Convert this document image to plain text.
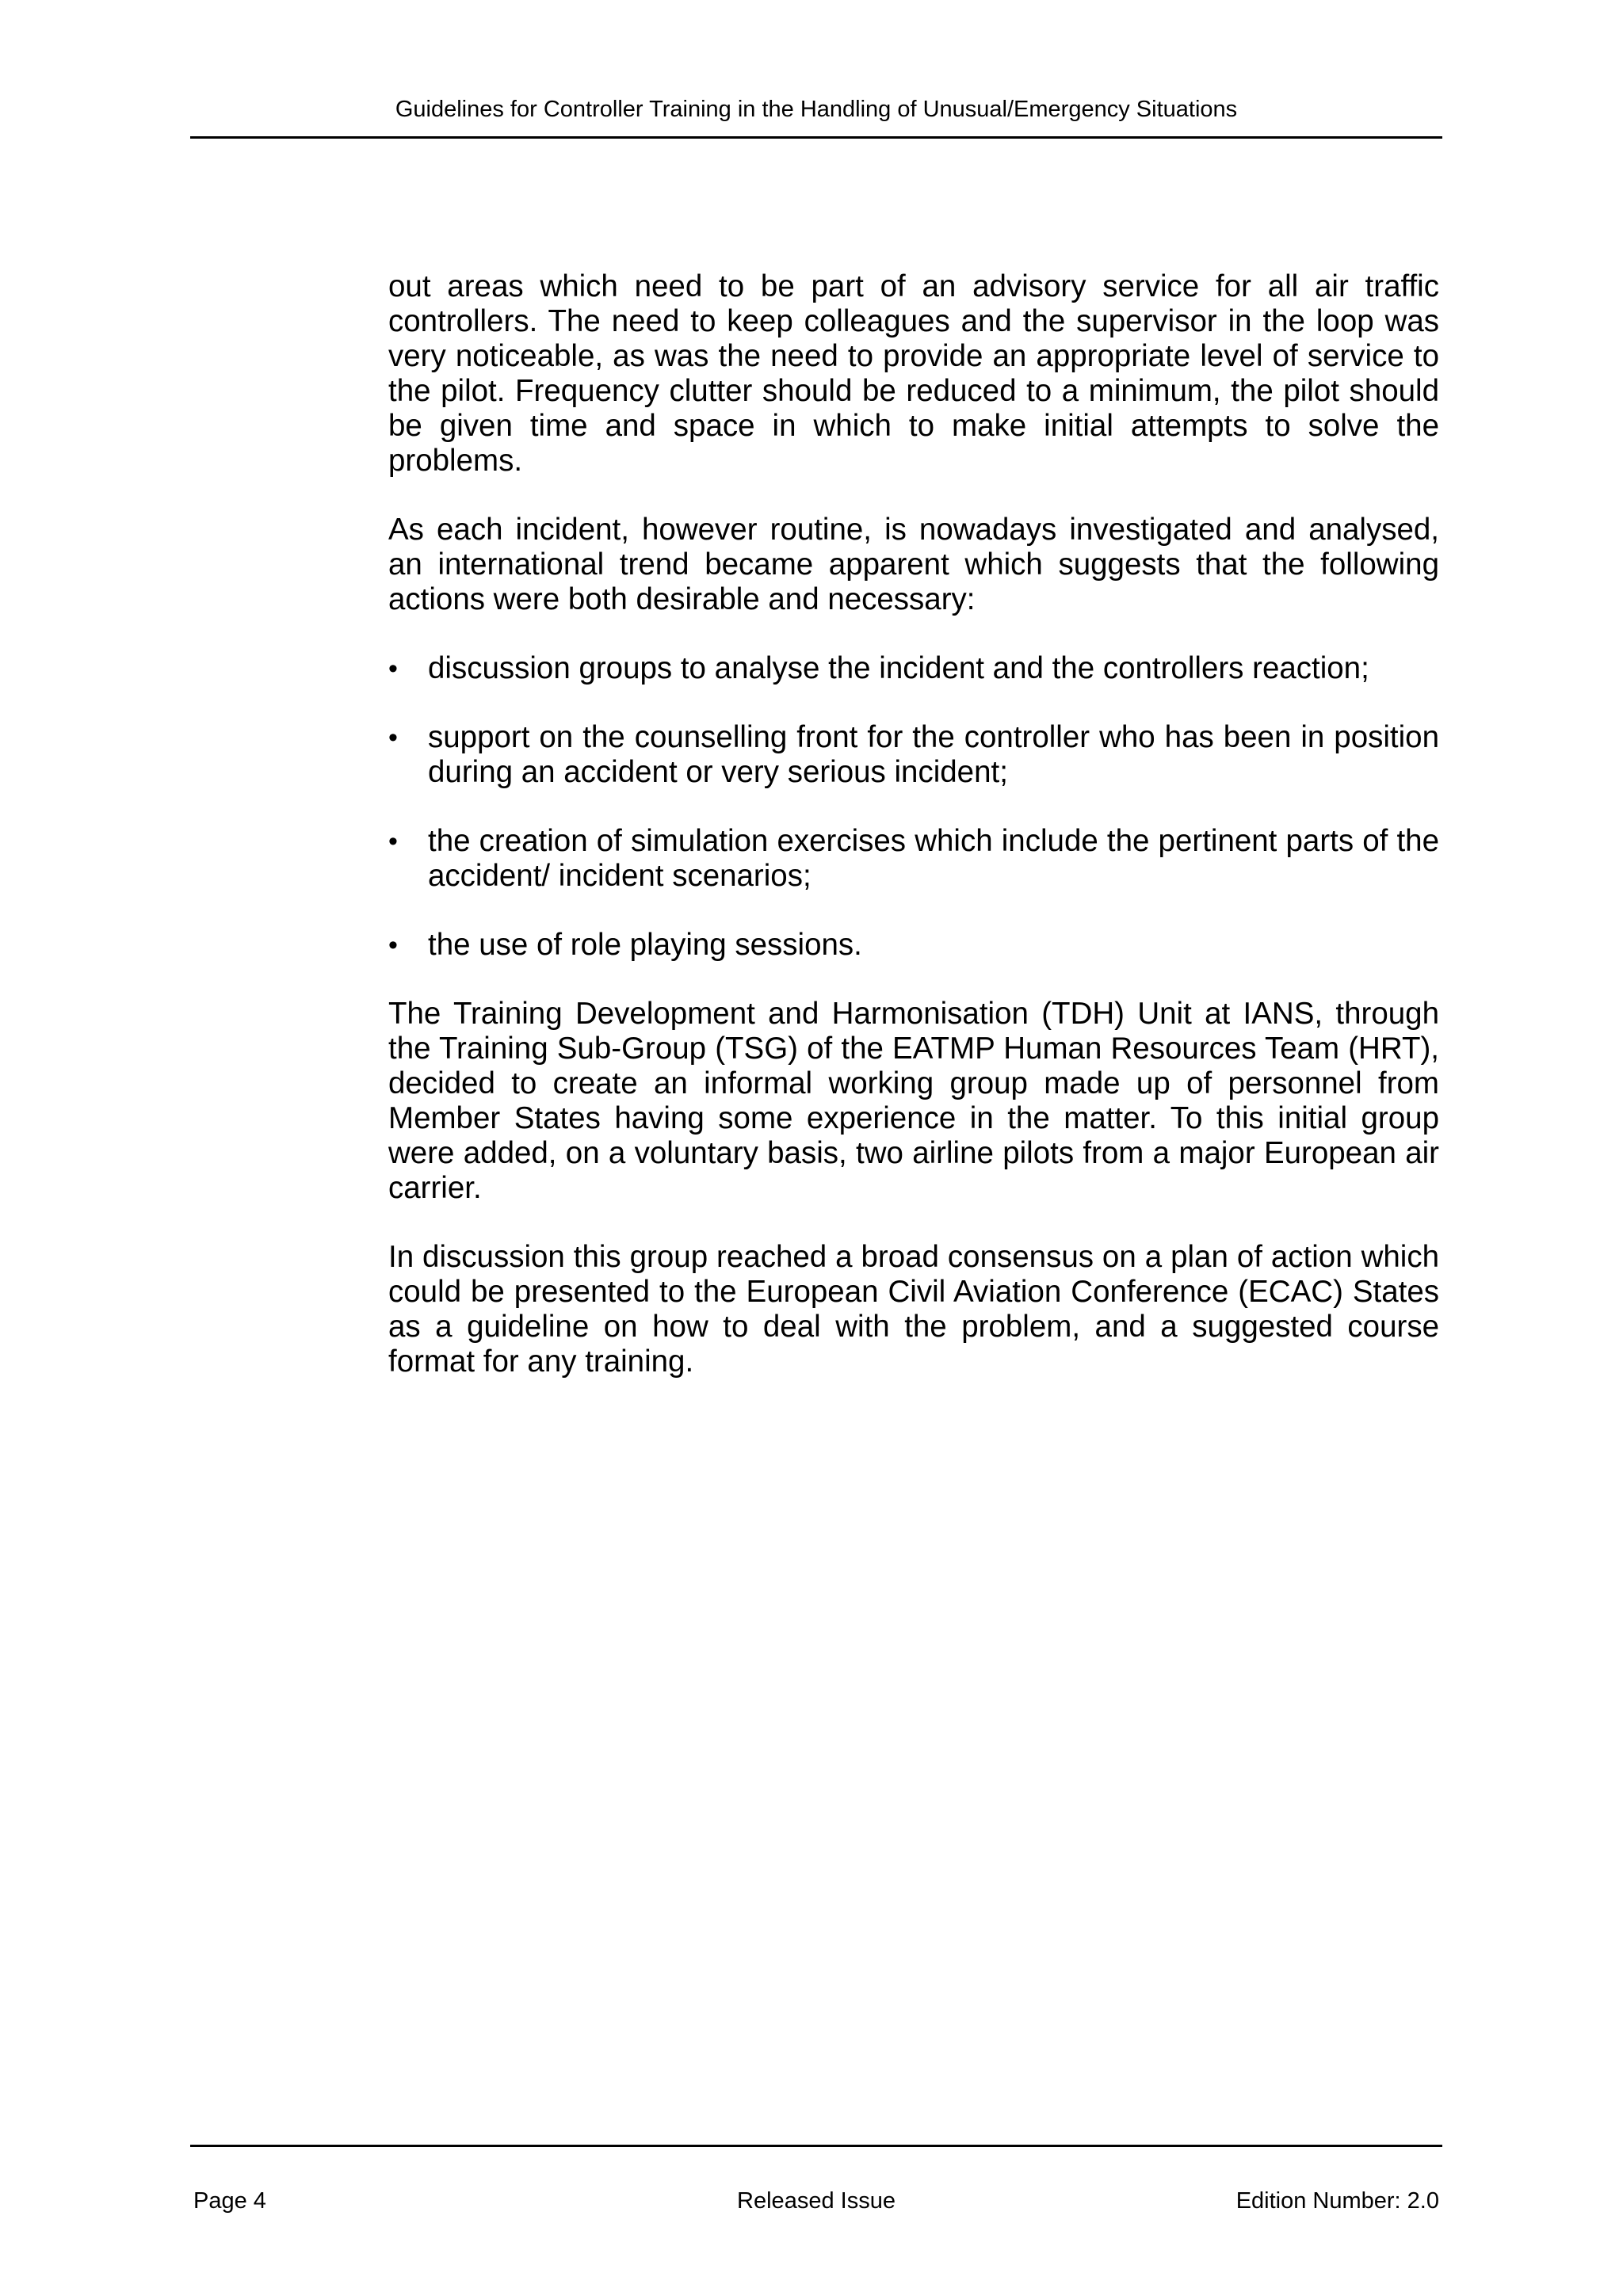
Guidelines for Controller Training in the Handling of Unusual/Emergency Situations

out areas which need to be part of an advisory service for all air traffic controllers. The need to keep colleagues and the supervisor in the loop was very noticeable, as was the need to provide an appropriate level of service to the pilot. Frequency clutter should be reduced to a minimum, the pilot should be given time and space in which to make initial attempts to solve the problems.

As each incident, however routine, is nowadays investigated and analysed, an international trend became apparent which suggests that the following actions were both desirable and necessary:

• discussion groups to analyse the incident and the controllers reaction;
• support on the counselling front for the controller who has been in position during an accident or very serious incident;
• the creation of simulation exercises which include the pertinent parts of the accident/ incident scenarios;
• the use of role playing sessions.

The Training Development and Harmonisation (TDH) Unit at IANS, through the Training Sub-Group (TSG) of the EATMP Human Resources Team (HRT), decided to create an informal working group made up of personnel from Member States having some experience in the matter. To this initial group were added, on a voluntary basis, two airline pilots from a major European air carrier.

In discussion this group reached a broad consensus on a plan of action which could be presented to the European Civil Aviation Conference (ECAC) States as a guideline on how to deal with the problem, and a suggested course format for any training.

Page 4	Released Issue	Edition Number: 2.0
